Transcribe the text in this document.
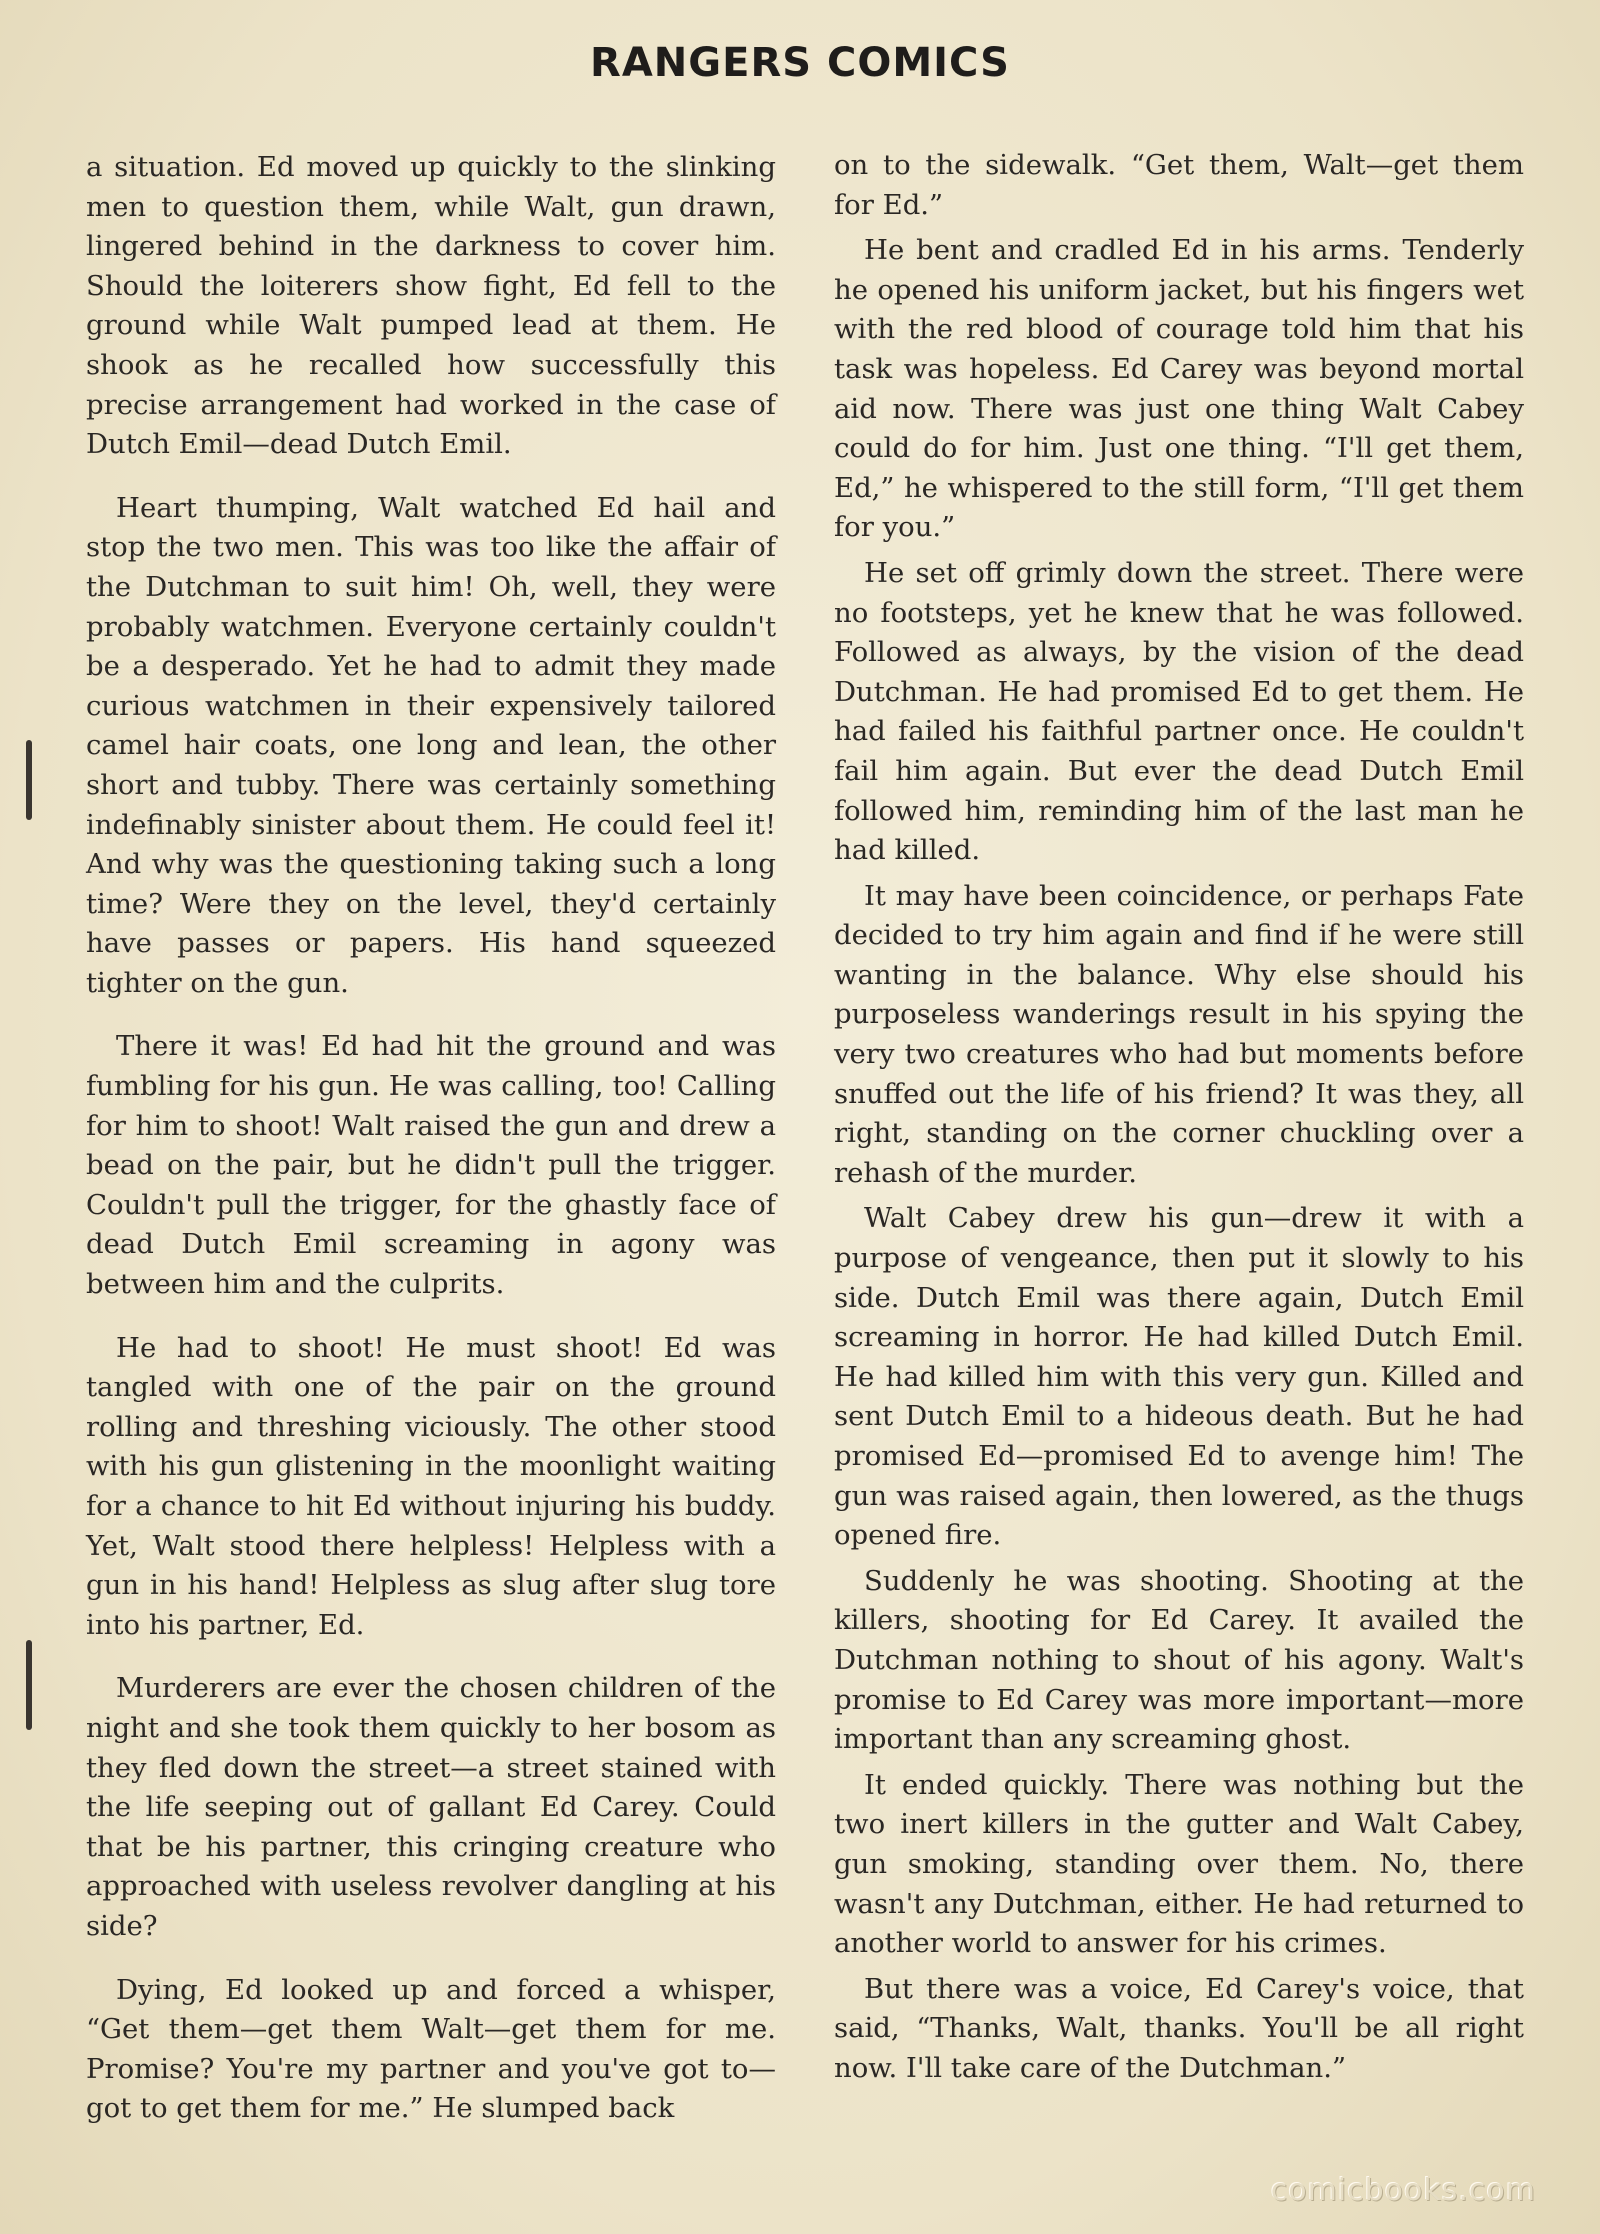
RANGERS COMICS

a situation. Ed moved up quickly to the slinking men to question them, while Walt, gun drawn, lingered behind in the darkness to cover him. Should the loiterers show fight, Ed fell to the ground while Walt pumped lead at them. He shook as he recalled how successfully this precise arrangement had worked in the case of Dutch Emil—dead Dutch Emil.

Heart thumping, Walt watched Ed hail and stop the two men. This was too like the affair of the Dutchman to suit him! Oh, well, they were probably watchmen. Everyone certainly couldn't be a desperado. Yet he had to admit they made curious watchmen in their expensively tailored camel hair coats, one long and lean, the other short and tubby. There was certainly something indefinably sinister about them. He could feel it! And why was the questioning taking such a long time? Were they on the level, they'd certainly have passes or papers. His hand squeezed tighter on the gun.

There it was! Ed had hit the ground and was fumbling for his gun. He was calling, too! Calling for him to shoot! Walt raised the gun and drew a bead on the pair, but he didn't pull the trigger. Couldn't pull the trigger, for the ghastly face of dead Dutch Emil screaming in agony was between him and the culprits.

He had to shoot! He must shoot! Ed was tangled with one of the pair on the ground rolling and threshing viciously. The other stood with his gun glistening in the moonlight waiting for a chance to hit Ed without injuring his buddy. Yet, Walt stood there helpless! Helpless with a gun in his hand! Helpless as slug after slug tore into his partner, Ed.

Murderers are ever the chosen children of the night and she took them quickly to her bosom as they fled down the street—a street stained with the life seeping out of gallant Ed Carey. Could that be his partner, this cringing creature who approached with useless revolver dangling at his side?

Dying, Ed looked up and forced a whisper, “Get them—get them Walt—get them for me. Promise? You're my partner and you've got to—got to get them for me.” He slumped back

on to the sidewalk. “Get them, Walt—get them for Ed.”

He bent and cradled Ed in his arms. Tenderly he opened his uniform jacket, but his fingers wet with the red blood of courage told him that his task was hopeless. Ed Carey was beyond mortal aid now. There was just one thing Walt Cabey could do for him. Just one thing. “I'll get them, Ed,” he whispered to the still form, “I'll get them for you.”

He set off grimly down the street. There were no footsteps, yet he knew that he was followed. Followed as always, by the vision of the dead Dutchman. He had promised Ed to get them. He had failed his faithful partner once. He couldn't fail him again. But ever the dead Dutch Emil followed him, reminding him of the last man he had killed.

It may have been coincidence, or perhaps Fate decided to try him again and find if he were still wanting in the balance. Why else should his purposeless wanderings result in his spying the very two creatures who had but moments before snuffed out the life of his friend? It was they, all right, standing on the corner chuckling over a rehash of the murder.

Walt Cabey drew his gun—drew it with a purpose of vengeance, then put it slowly to his side. Dutch Emil was there again, Dutch Emil screaming in horror. He had killed Dutch Emil. He had killed him with this very gun. Killed and sent Dutch Emil to a hideous death. But he had promised Ed—promised Ed to avenge him! The gun was raised again, then lowered, as the thugs opened fire.

Suddenly he was shooting. Shooting at the killers, shooting for Ed Carey. It availed the Dutchman nothing to shout of his agony. Walt's promise to Ed Carey was more important—more important than any screaming ghost.

It ended quickly. There was nothing but the two inert killers in the gutter and Walt Cabey, gun smoking, standing over them. No, there wasn't any Dutchman, either. He had returned to another world to answer for his crimes.

But there was a voice, Ed Carey's voice, that said, “Thanks, Walt, thanks. You'll be all right now. I'll take care of the Dutchman.”

comicbooks.com
